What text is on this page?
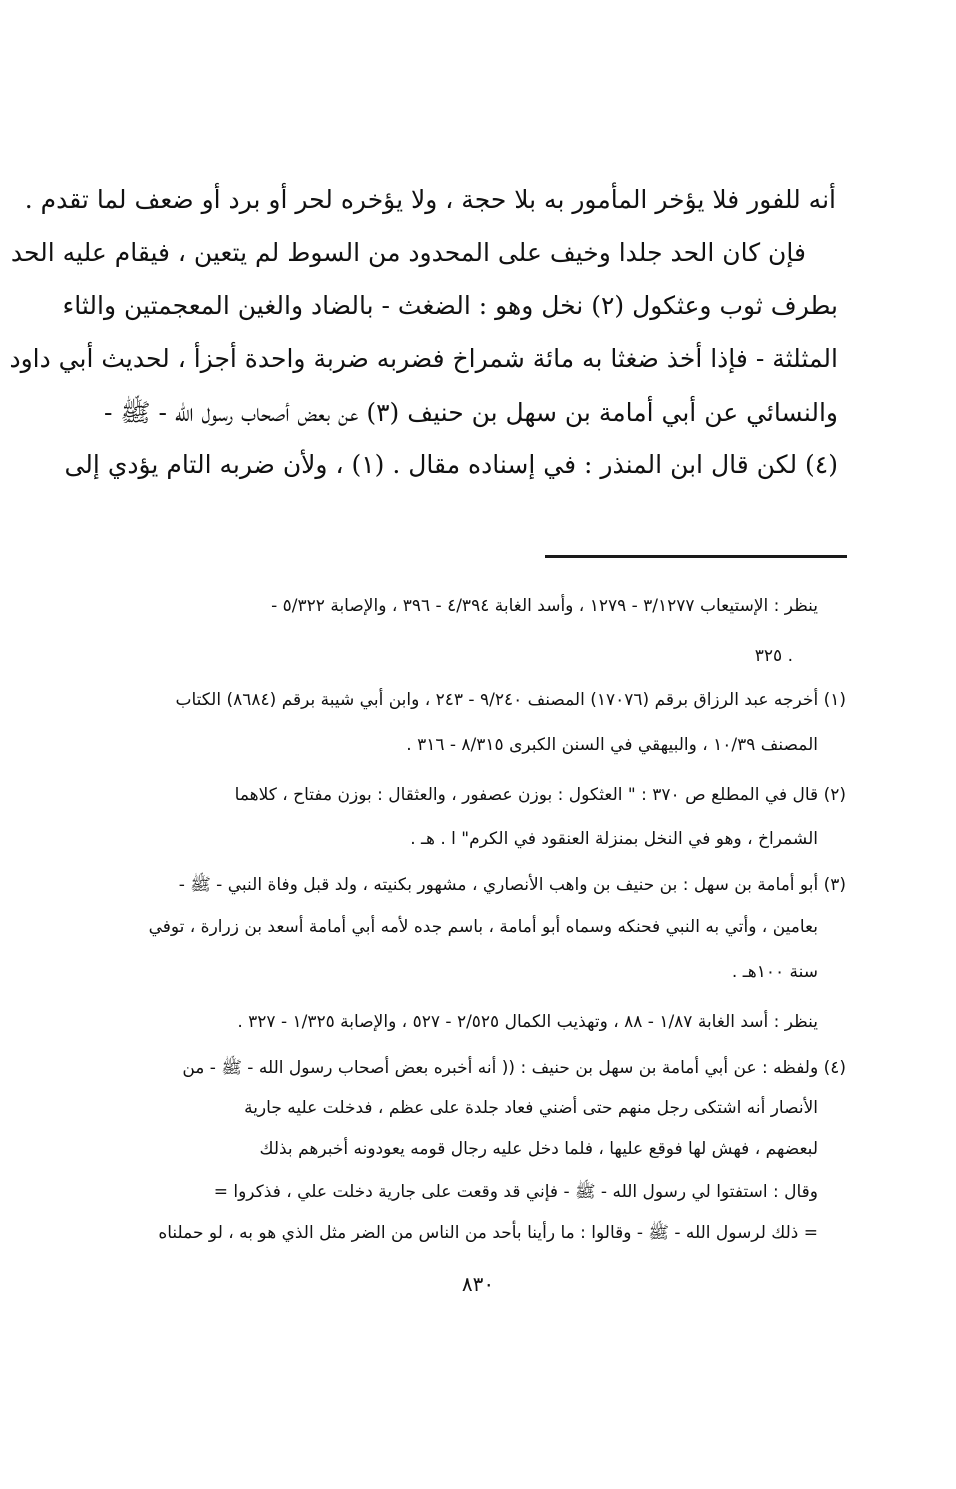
أنه للفور فلا يؤخر المأمور به بلا حجة ، ولا يؤخره لحر أو برد أو ضعف لما تقدم .
فإن كان الحد جلدا وخيف على المحدود من السوط لم يتعين ، فيقام عليه الحد
بطرف ثوب وعثكول (٢) نخل وهو : الضغث - بالضاد والغين المعجمتين والثاء
المثلثة - فإذا أخذ ضغثا به مائة شمراخ فضربه ضربة واحدة أجزأ ، لحديث أبي داود
والنسائي عن أبي أمامة بن سهل بن حنيف (٣) عن بعض أصحاب رسول الله - ﷺ -
(٤) لكن قال ابن المنذر : في إسناده مقال . (١) ، ولأن ضربه التام يؤدي إلى
ينظر : الإستيعاب ٣/١٢٧٧ - ١٢٧٩ ، وأسد الغابة ٤/٣٩٤ - ٣٩٦ ، والإصابة ٥/٣٢٢ -
٣٢٥ .
(١) أخرجه عبد الرزاق برقم (١٧٠٧٦) المصنف ٩/٢٤٠ - ٢٤٣ ، وابن أبي شيبة برقم (٨٦٨٤) الكتاب
المصنف ١٠/٣٩ ، والبيهقي في السنن الكبرى ٨/٣١٥ - ٣١٦ .
(٢) قال في المطلع ص ٣٧٠ : " العثكول : بوزن عصفور ، والعثقال : بوزن مفتاح ، كلاهما
الشمراخ ، وهو في النخل بمنزلة العنقود في الكرم" ا . هـ .
(٣) أبو أمامة بن سهل : بن حنيف بن واهب الأنصاري ، مشهور بكنيته ، ولد قبل وفاة النبي - ﷺ -
بعامين ، وأتي به النبي فحنكه وسماه أبو أمامة ، باسم جده لأمه أبي أمامة أسعد بن زرارة ، توفي
سنة ١٠٠هـ .
ينظر : أسد الغابة ١/٨٧ - ٨٨ ، وتهذيب الكمال ٢/٥٢٥ - ٥٢٧ ، والإصابة ١/٣٢٥ - ٣٢٧ .
(٤) ولفظه : عن أبي أمامة بن سهل بن حنيف : (( أنه أخبره بعض أصحاب رسول الله - ﷺ - من
الأنصار أنه اشتكى رجل منهم حتى أضني فعاد جلدة على عظم ، فدخلت عليه جارية
لبعضهم ، فهش لها فوقع عليها ، فلما دخل عليه رجال قومه يعودونه أخبرهم بذلك
وقال : استفتوا لي رسول الله - ﷺ - فإني قد وقعت على جارية دخلت علي ، فذكروا =
= ذلك لرسول الله - ﷺ - وقالوا : ما رأينا بأحد من الناس من الضر مثل الذي هو به ، لو حملناه
٨٣٠
